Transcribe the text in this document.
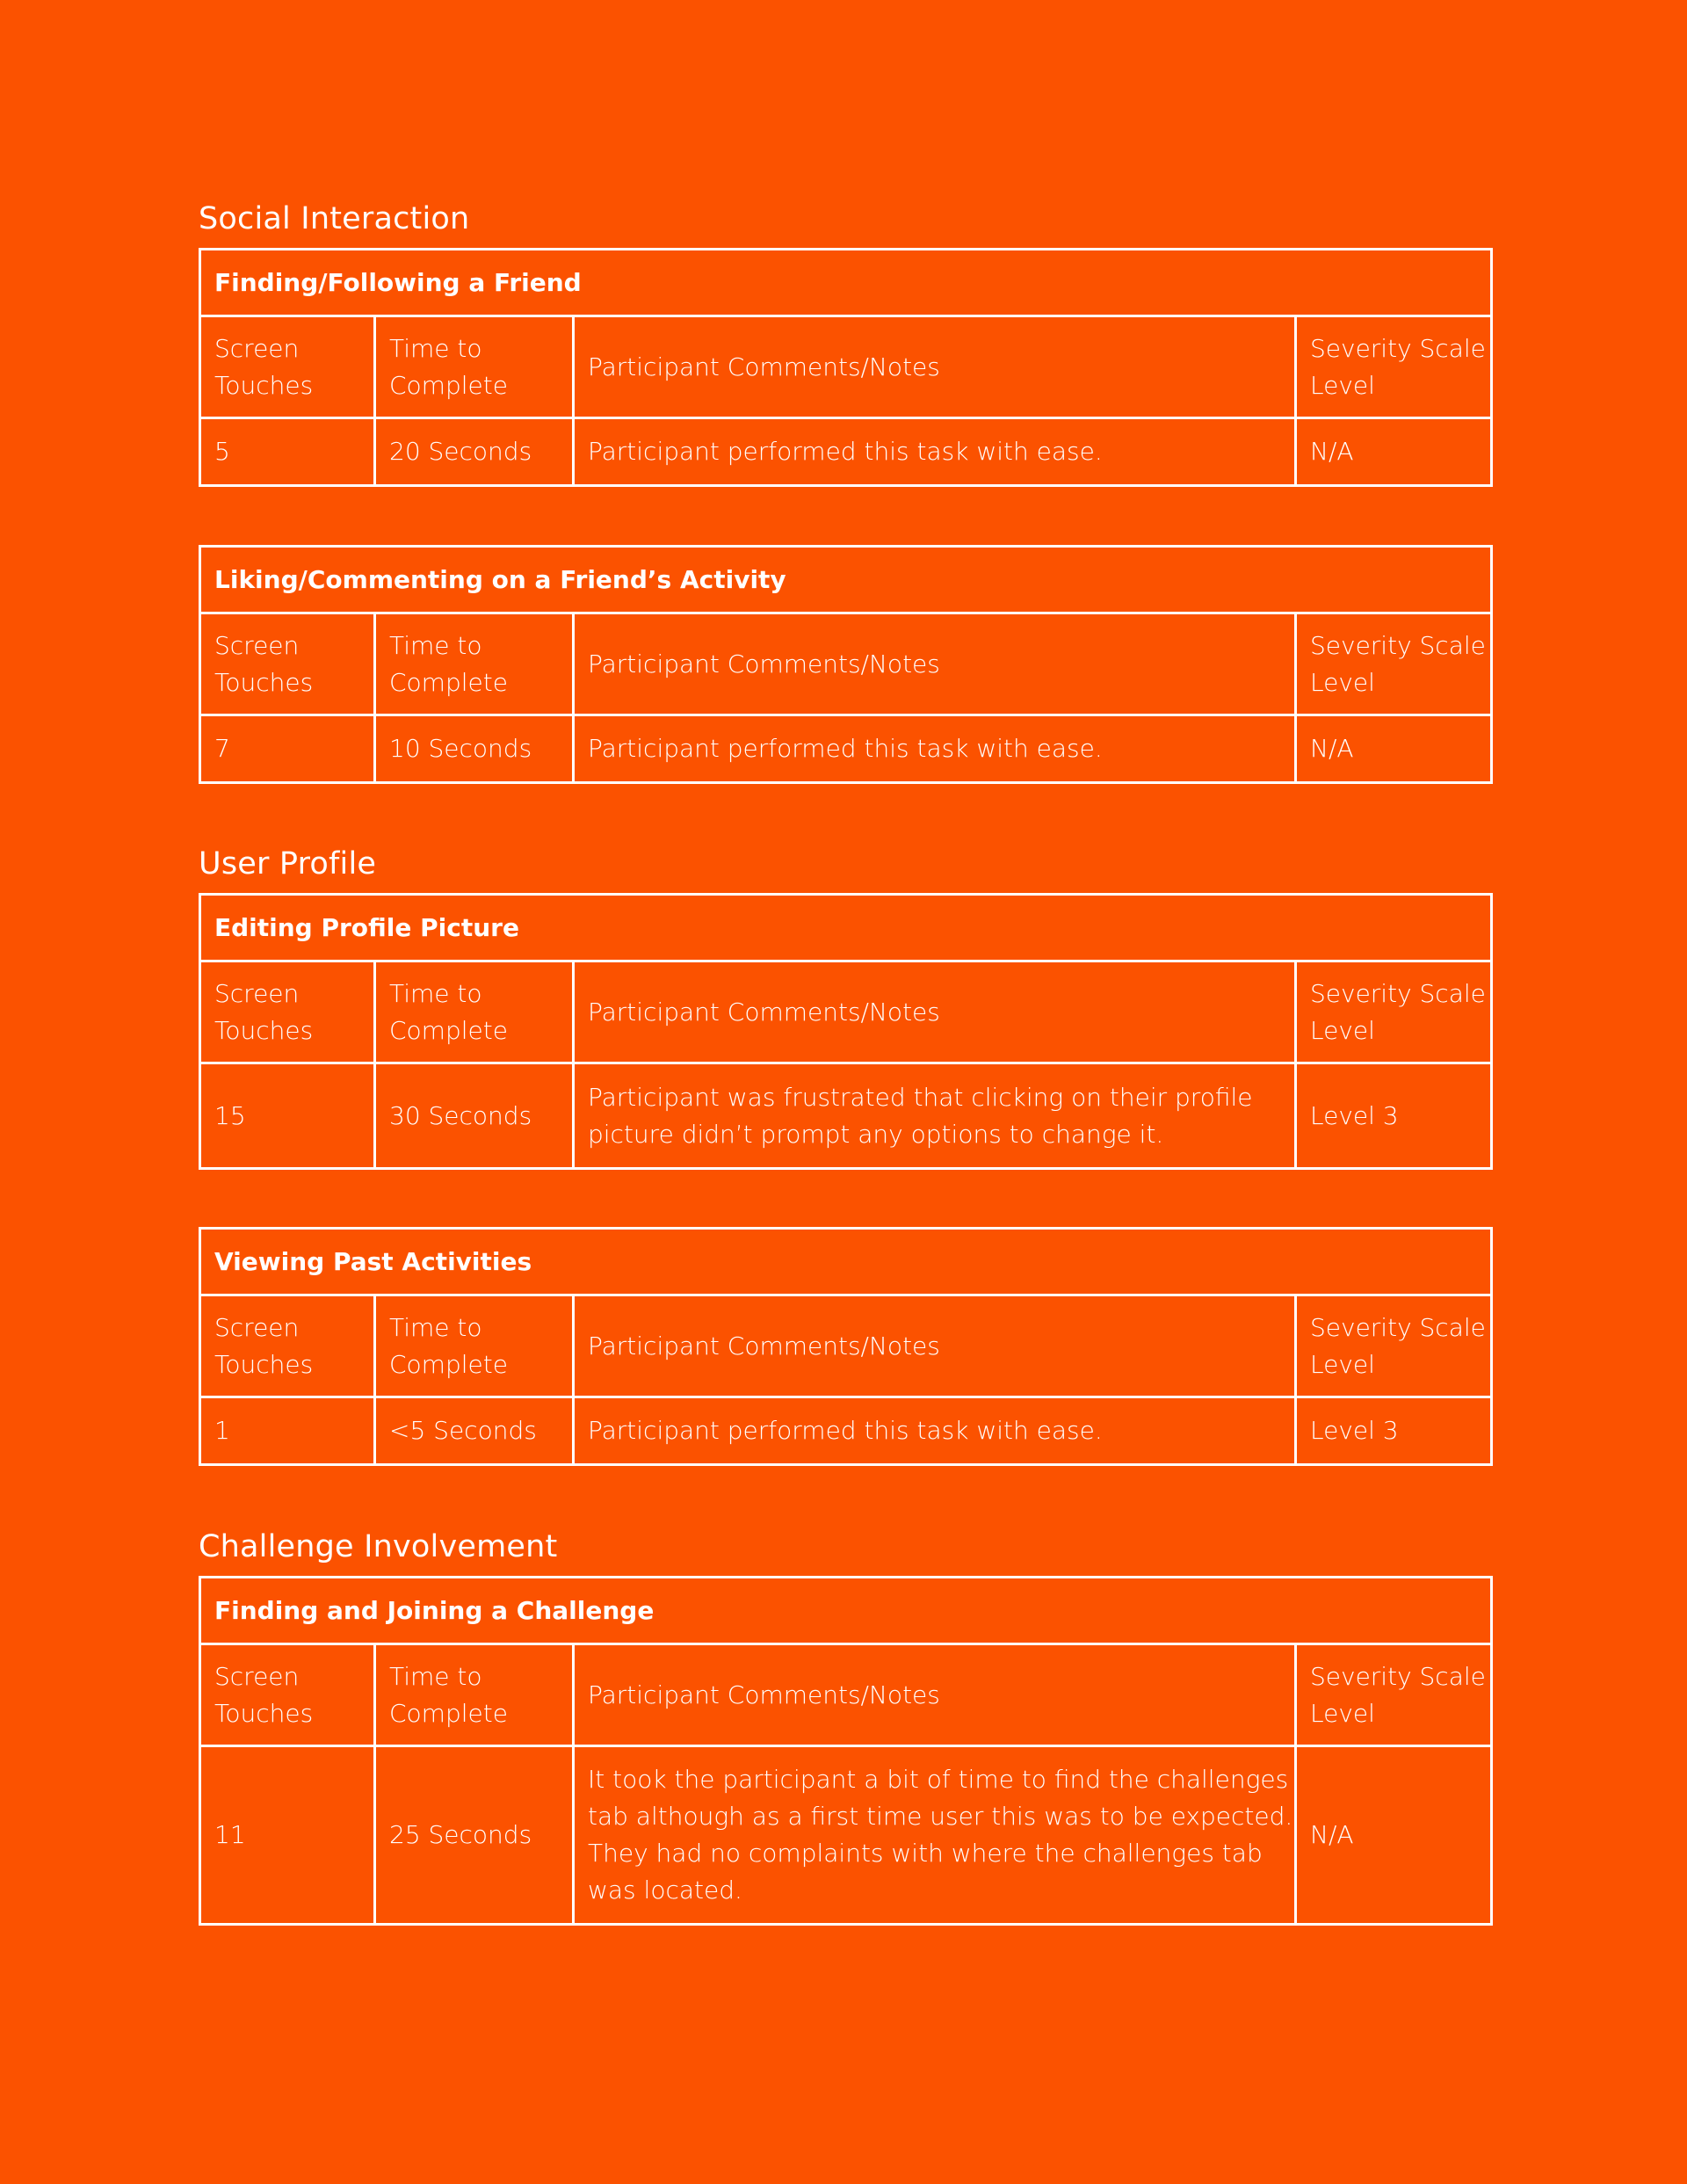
Social Interaction
Finding/Following a Friend			
Screen Touches	Time to Complete	Participant Comments/Notes	Severity Scale Level
5	20 Seconds	Participant performed this task with ease.	N/A
Liking/Commenting on a Friend’s Activity			
Screen Touches	Time to Complete	Participant Comments/Notes	Severity Scale Level
7	10 Seconds	Participant performed this task with ease.	N/A
User Profile
Editing Profile Picture			
Screen Touches	Time to Complete	Participant Comments/Notes	Severity Scale Level
15	30 Seconds	Participant was frustrated that clicking on their profile picture didn’t prompt any options to change it.	Level 3
Viewing Past Activities			
Screen Touches	Time to Complete	Participant Comments/Notes	Severity Scale Level
1	<5 Seconds	Participant performed this task with ease.	Level 3
Challenge Involvement
Finding and Joining a Challenge			
Screen Touches	Time to Complete	Participant Comments/Notes	Severity Scale Level
11	25 Seconds	It took the participant a bit of time to find the challenges tab although as a first time user this was to be expected. They had no complaints with where the challenges tab was located.	N/A
